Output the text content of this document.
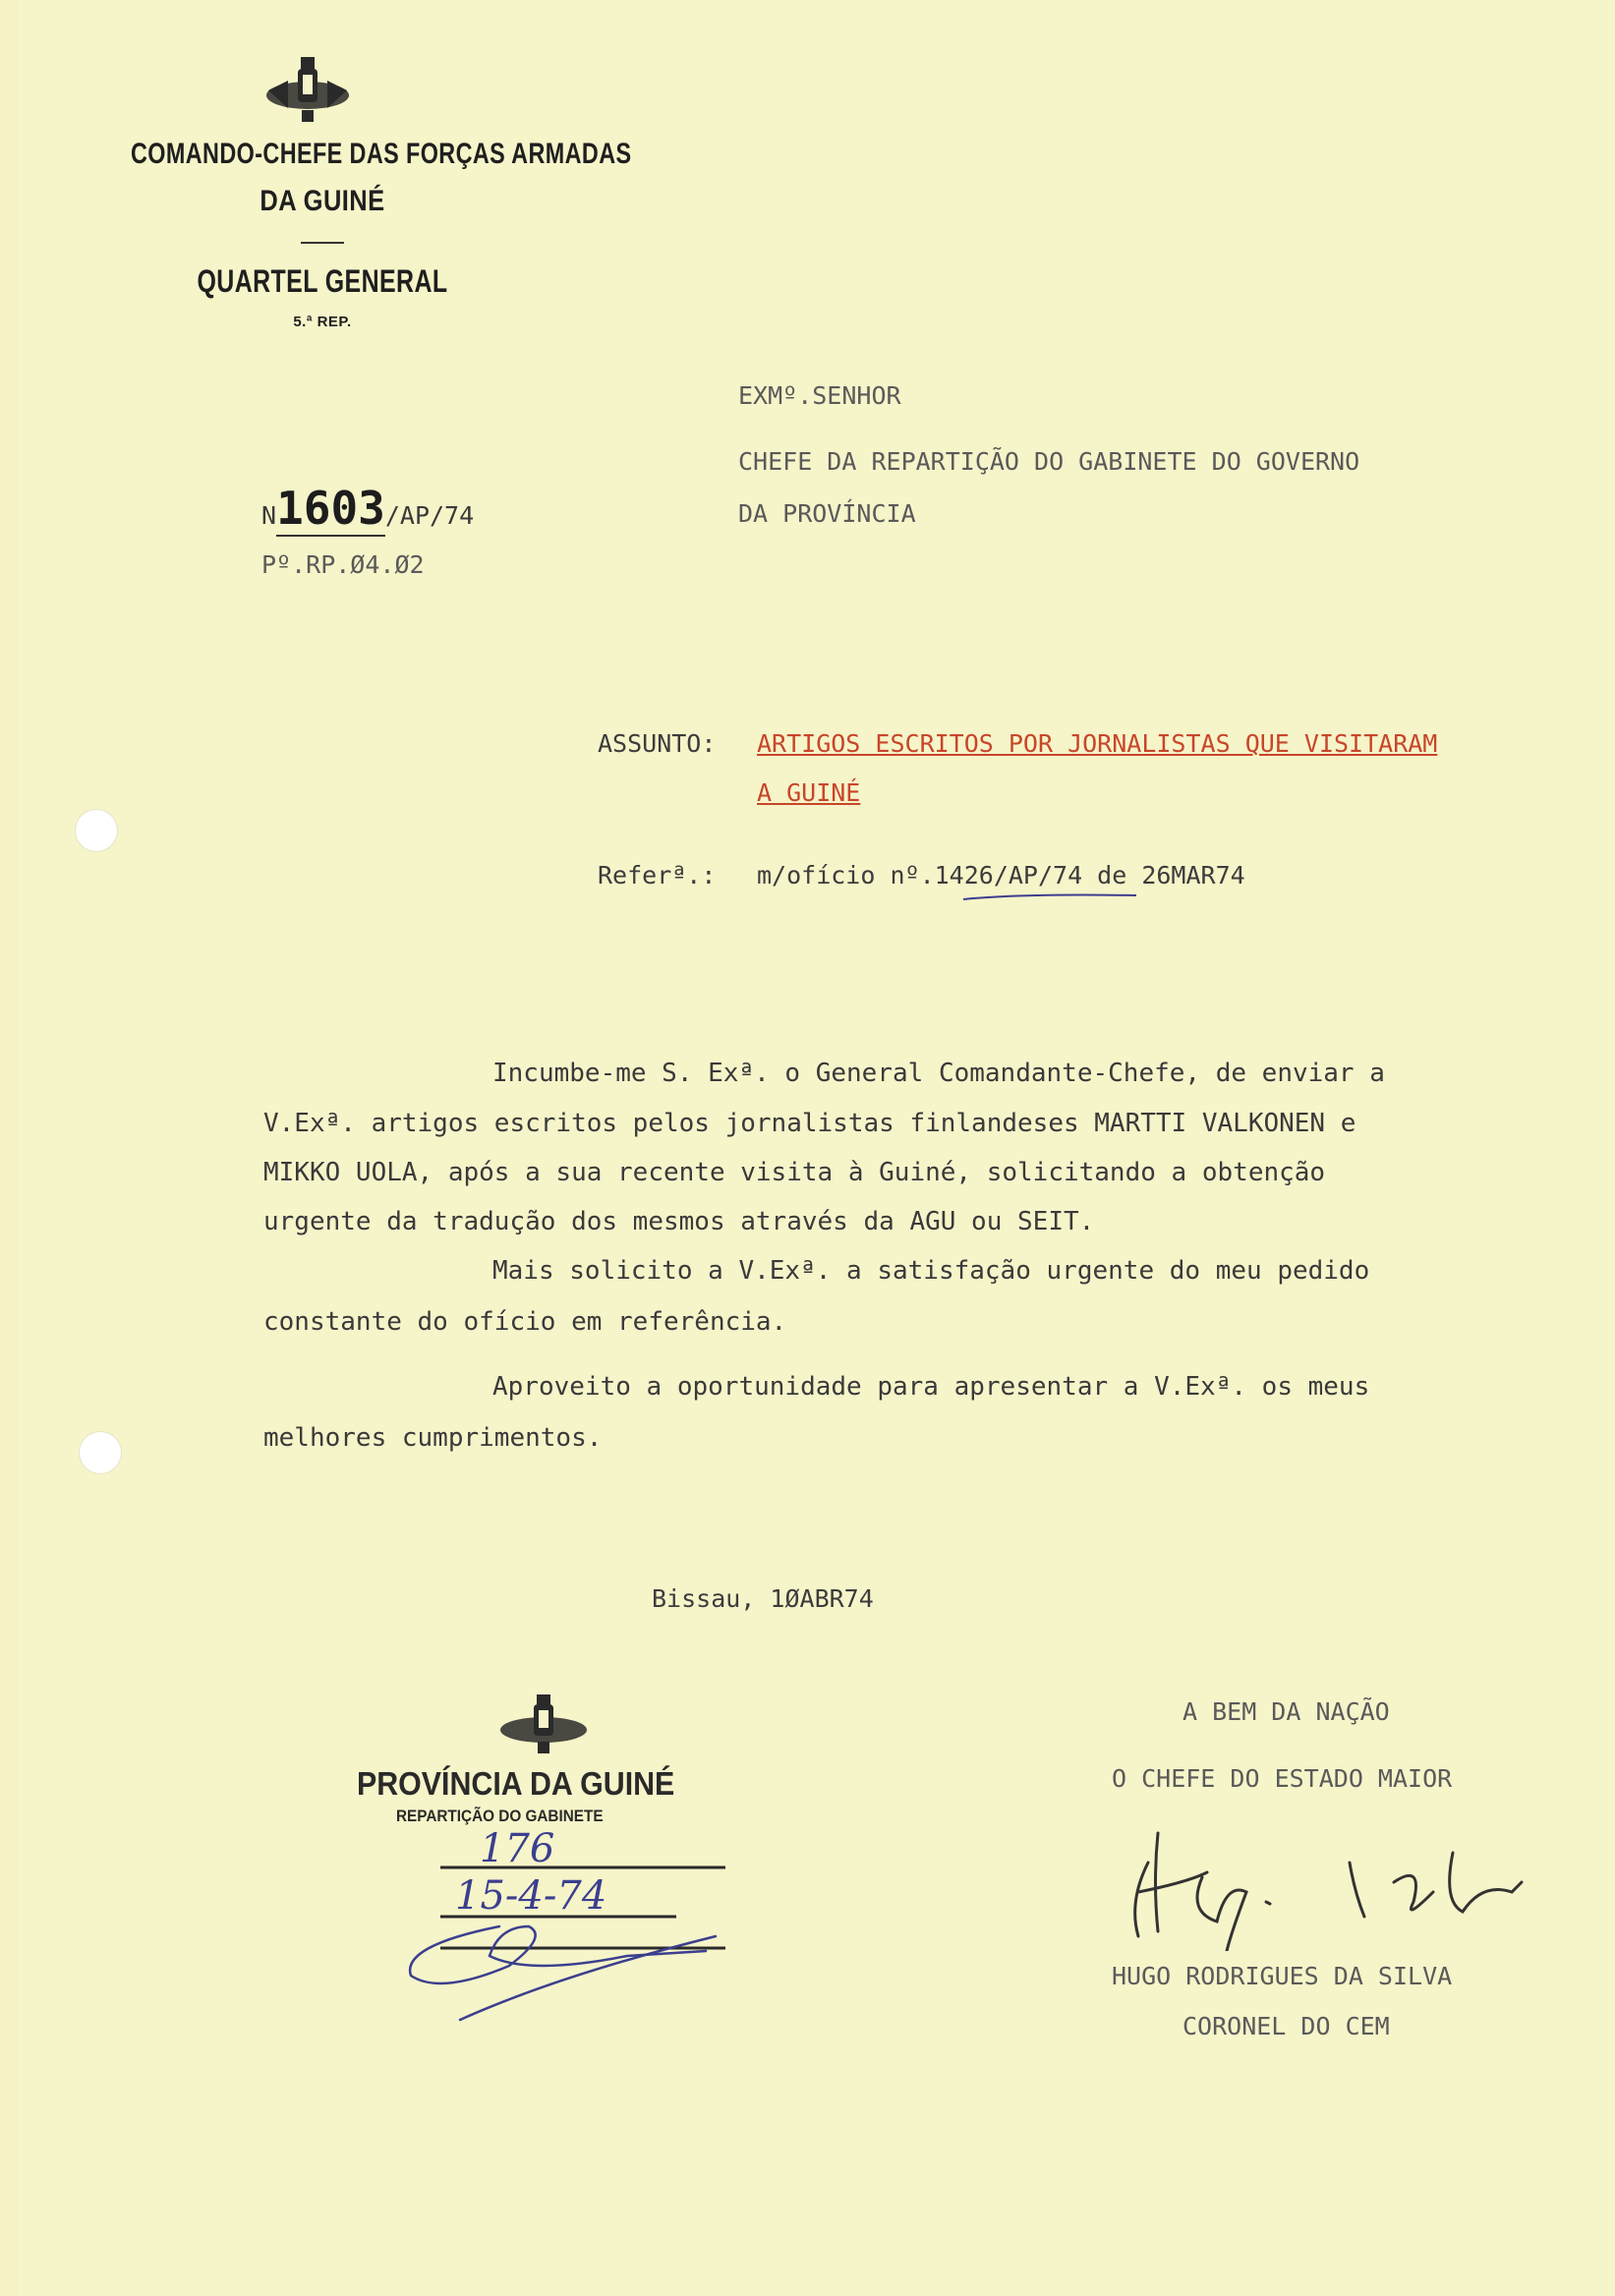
COMANDO-CHEFE DAS FORÇAS ARMADAS
DA GUINÉ
QUARTEL GENERAL
5.ª REP.
EXMº.SENHOR
CHEFE DA REPARTIÇÃO DO GABINETE DO GOVERNO
DA PROVÍNCIA
N1603/AP/74
Pº.RP.Ø4.Ø2
ASSUNTO: ARTIGOS ESCRITOS POR JORNALISTAS QUE VISITARAM
A GUINÉ
Referª.: m/ofício nº.1426/AP/74 de 26MAR74
Incumbe-me S. Exª. o General Comandante-Chefe, de enviar a
V.Exª. artigos escritos pelos jornalistas finlandeses MARTTI VALKONEN e
MIKKO UOLA, após a sua recente visita à Guiné, solicitando a obtenção
urgente da tradução dos mesmos através da AGU ou SEIT.
Mais solicito a V.Exª. a satisfação urgente do meu pedido
constante do ofício em referência.
Aproveito a oportunidade para apresentar a V.Exª. os meus
melhores cumprimentos.
Bissau, 1ØABR74
A BEM DA NAÇÃO
O CHEFE DO ESTADO MAIOR
HUGO RODRIGUES DA SILVA
CORONEL DO CEM
PROVÍNCIA DA GUINÉ
REPARTIÇÃO DO GABINETE
176
15-4-74
